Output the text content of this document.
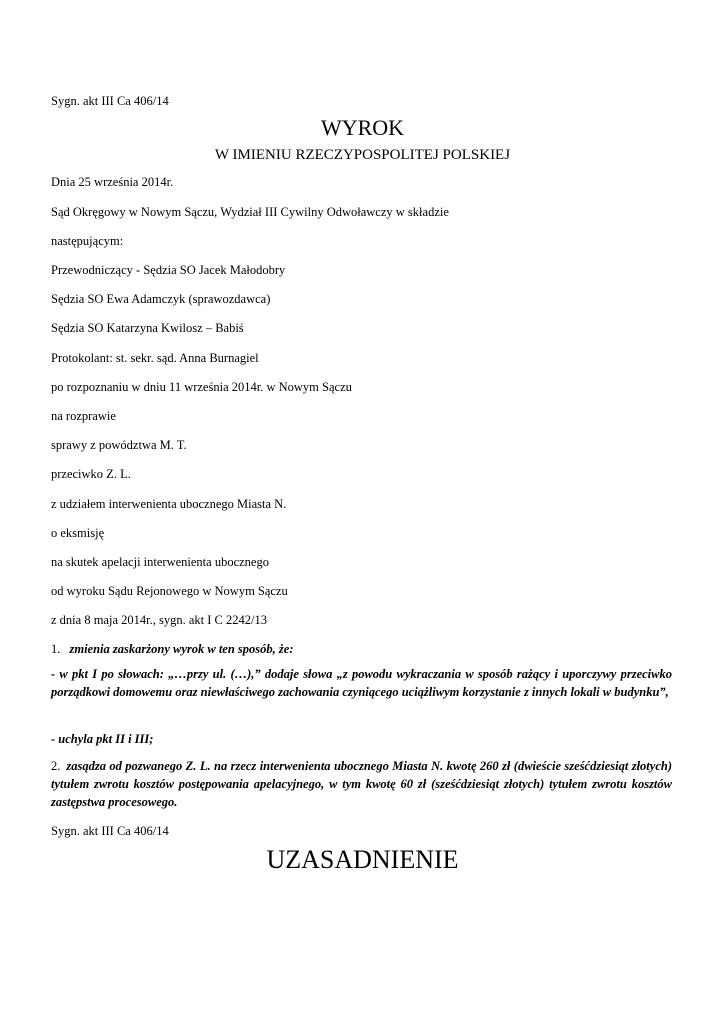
Sygn. akt III Ca 406/14
WYROK
W IMIENIU RZECZYPOSPOLITEJ POLSKIEJ
Dnia 25 września 2014r.
Sąd Okręgowy w Nowym Sączu, Wydział III Cywilny Odwoławczy w składzie
następującym:
Przewodniczący - Sędzia SO Jacek Małodobry
Sędzia SO Ewa Adamczyk (sprawozdawca)
Sędzia SO Katarzyna Kwilosz – Babiś
Protokolant: st. sekr. sąd. Anna Burnagiel
po rozpoznaniu w dniu 11 września 2014r. w Nowym Sączu
na rozprawie
sprawy z powództwa M. T.
przeciwko Z. L.
z udziałem interwenienta ubocznego Miasta N.
o eksmisję
na skutek apelacji interwenienta ubocznego
od wyroku Sądu Rejonowego w Nowym Sączu
z dnia 8 maja 2014r., sygn. akt I C 2242/13
1. zmienia zaskarżony wyrok w ten sposób, że:
- w pkt I po słowach: „…przy ul. (…),” dodaje słowa „z powodu wykraczania w sposób rażący i uporczywy przeciwko porządkowi domowemu oraz niewłaściwego zachowania czyniącego uciążliwym korzystanie z innych lokali w budynku”,
- uchyla pkt II i III;
2. zasądza od pozwanego Z. L. na rzecz interwenienta ubocznego Miasta N. kwotę 260 zł (dwieście sześćdziesiąt złotych) tytułem zwrotu kosztów postępowania apelacyjnego, w tym kwotę 60 zł (sześćdziesiąt złotych) tytułem zwrotu kosztów zastępstwa procesowego.
Sygn. akt III Ca 406/14
UZASADNIENIE
